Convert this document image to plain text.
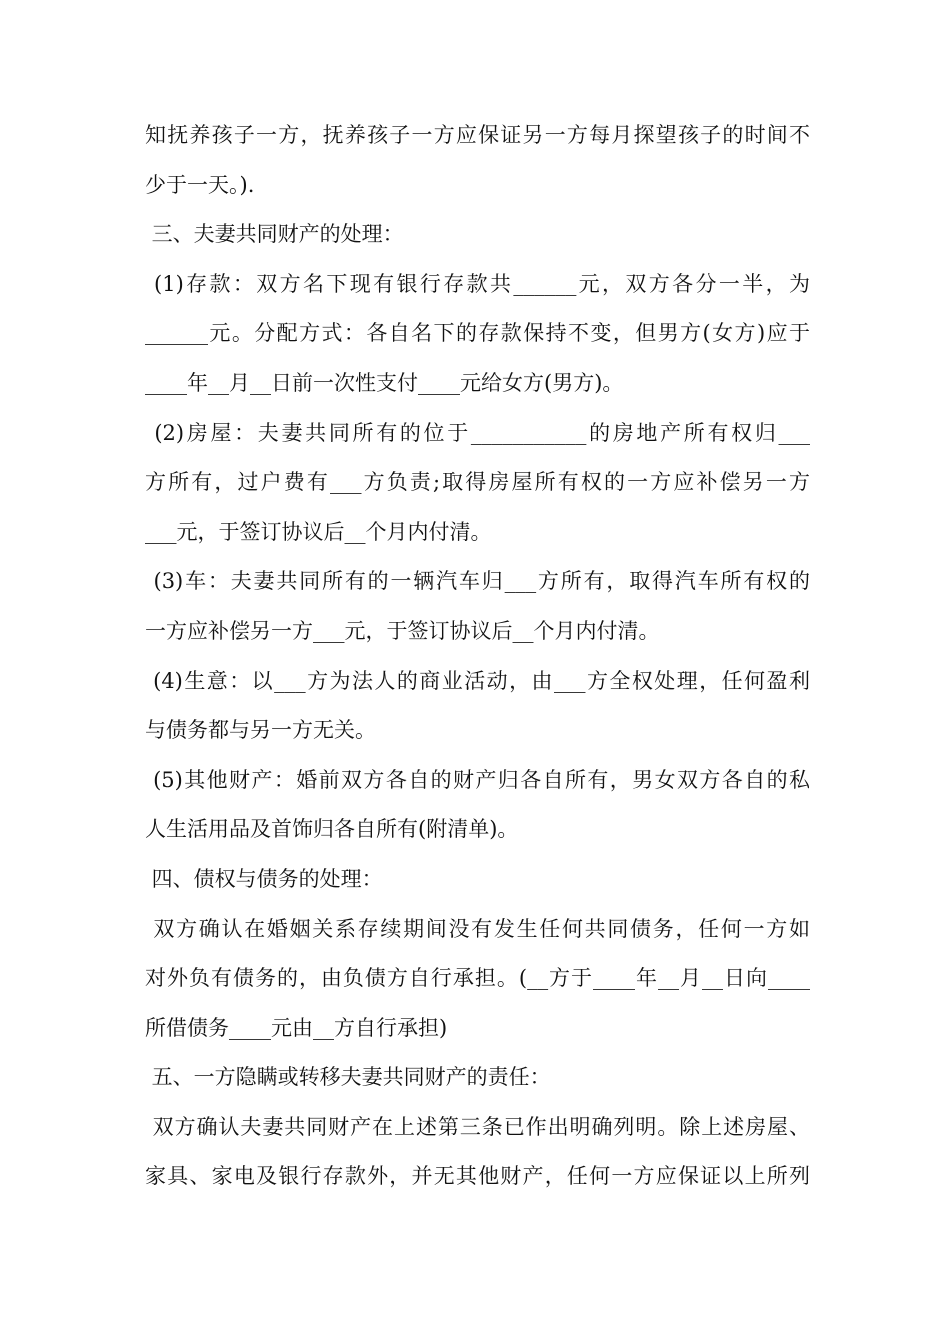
知抚养孩子一方，抚养孩子一方应保证另一方每月探望孩子的时间不
少于一天。).
三、夫妻共同财产的处理：
(1)存款：双方名下现有银行存款共______元，双方各分一半，为
______元。分配方式：各自名下的存款保持不变，但男方(女方)应于
____年__月__日前一次性支付____元给女方(男方)。
(2)房屋：夫妻共同所有的位于___________的房地产所有权归___
方所有，过户费有___方负责;取得房屋所有权的一方应补偿另一方
___元，于签订协议后__个月内付清。
(3)车：夫妻共同所有的一辆汽车归___方所有，取得汽车所有权的
一方应补偿另一方___元，于签订协议后__个月内付清。
(4)生意：以___方为法人的商业活动，由___方全权处理，任何盈利
与债务都与另一方无关。
(5)其他财产：婚前双方各自的财产归各自所有，男女双方各自的私
人生活用品及首饰归各自所有(附清单)。
四、债权与债务的处理：
双方确认在婚姻关系存续期间没有发生任何共同债务，任何一方如
对外负有债务的，由负债方自行承担。(__方于____年__月__日向____
所借债务____元由__方自行承担)
五、一方隐瞒或转移夫妻共同财产的责任：
双方确认夫妻共同财产在上述第三条已作出明确列明。除上述房屋、
家具、家电及银行存款外，并无其他财产，任何一方应保证以上所列
